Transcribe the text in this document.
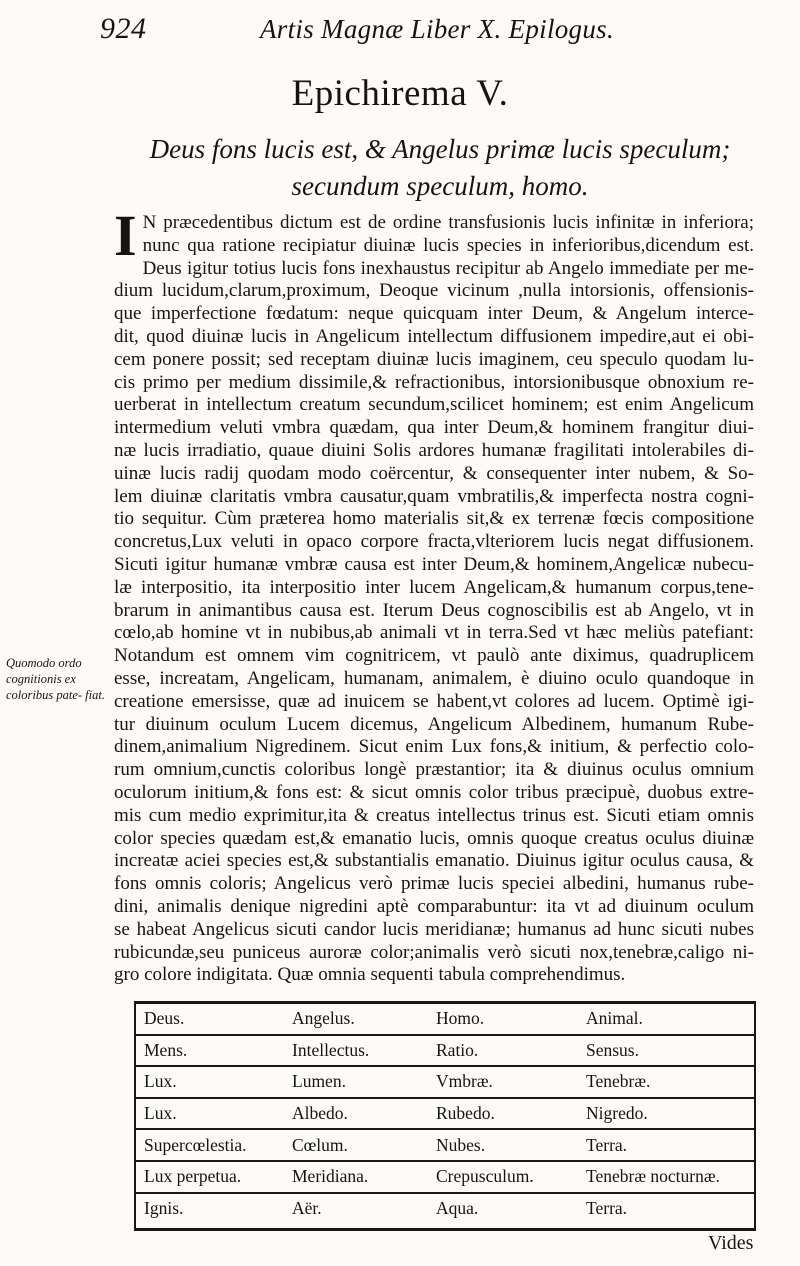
924	Artis Magnæ Liber X. Epilogus.
Epichirema V.
Deus fons lucis est, & Angelus primæ lucis speculum;
secundum speculum, homo.
Quomodo ordo cognitionis ex coloribus pate- fiat.
I N præcedentibus dictum est de ordine transfusionis lucis infinitæ in inferiora;
nunc qua ratione recipiatur diuinæ lucis species in inferioribus,dicendum est.
Deus igitur totius lucis fons inexhaustus recipitur ab Angelo immediate per me-
dium lucidum,clarum,proximum, Deoque vicinum ,nulla intorsionis, offensionis-
que imperfectione fœdatum: neque quicquam inter Deum, & Angelum interce-
dit, quod diuinæ lucis in Angelicum intellectum diffusionem impedire,aut ei obi-
cem ponere possit; sed receptam diuinæ lucis imaginem, ceu speculo quodam lu-
cis primo per medium dissimile,& refractionibus, intorsionibusque obnoxium re-
uerberat in intellectum creatum secundum,scilicet hominem; est enim Angelicum
intermedium veluti vmbra quædam, qua inter Deum,& hominem frangitur diui-
næ lucis irradiatio, quaue diuini Solis ardores humanæ fragilitati intolerabiles di-
uinæ lucis radij quodam modo coërcentur, & consequenter inter nubem, & So-
lem diuinæ claritatis vmbra causatur,quam vmbratilis,& imperfecta nostra cogni-
tio sequitur. Cùm præterea homo materialis sit,& ex terrenæ fœcis compositione
concretus,Lux veluti in opaco corpore fracta,vlteriorem lucis negat diffusionem.
Sicuti igitur humanæ vmbræ causa est inter Deum,& hominem,Angelicæ nubecu-
læ interpositio, ita interpositio inter lucem Angelicam,& humanum corpus,tene-
brarum in animantibus causa est. Iterum Deus cognoscibilis est ab Angelo, vt in
cœlo,ab homine vt in nubibus,ab animali vt in terra.Sed vt hæc meliùs patefiant:
Notandum est omnem vim cognitricem, vt paulò ante diximus, quadruplicem
esse, increatam, Angelicam, humanam, animalem, è diuino oculo quandoque in
creatione emersisse, quæ ad inuicem se habent,vt colores ad lucem. Optimè igi-
tur diuinum oculum Lucem dicemus, Angelicum Albedinem, humanum Rube-
dinem,animalium Nigredinem. Sicut enim Lux fons,& initium, & perfectio colo-
rum omnium,cunctis coloribus longè præstantior; ita & diuinus oculus omnium
oculorum initium,& fons est: & sicut omnis color tribus præcipuè, duobus extre-
mis cum medio exprimitur,ita & creatus intellectus trinus est. Sicuti etiam omnis
color species quædam est,& emanatio lucis, omnis quoque creatus oculus diuinæ
increatæ aciei species est,& substantialis emanatio. Diuinus igitur oculus causa, &
fons omnis coloris; Angelicus verò primæ lucis speciei albedini, humanus rube-
dini, animalis denique nigredini aptè comparabuntur: ita vt ad diuinum oculum
se habeat Angelicus sicuti candor lucis meridianæ; humanus ad hunc sicuti nubes
rubicundæ,seu puniceus auroræ color;animalis verò sicuti nox,tenebræ,caligo ni-
gro colore indigitata. Quæ omnia sequenti tabula comprehendimus.
Deus.	Angelus.	Homo.	Animal.
Mens.	Intellectus.	Ratio.	Sensus.
Lux.	Lumen.	Vmbræ.	Tenebræ.
Lux.	Albedo.	Rubedo.	Nigredo.
Supercœlestia.	Cœlum.	Nubes.	Terra.
Lux perpetua.	Meridiana.	Crepusculum.	Tenebræ nocturnæ.
Ignis.	Aër.	Aqua.	Terra.
Vides
